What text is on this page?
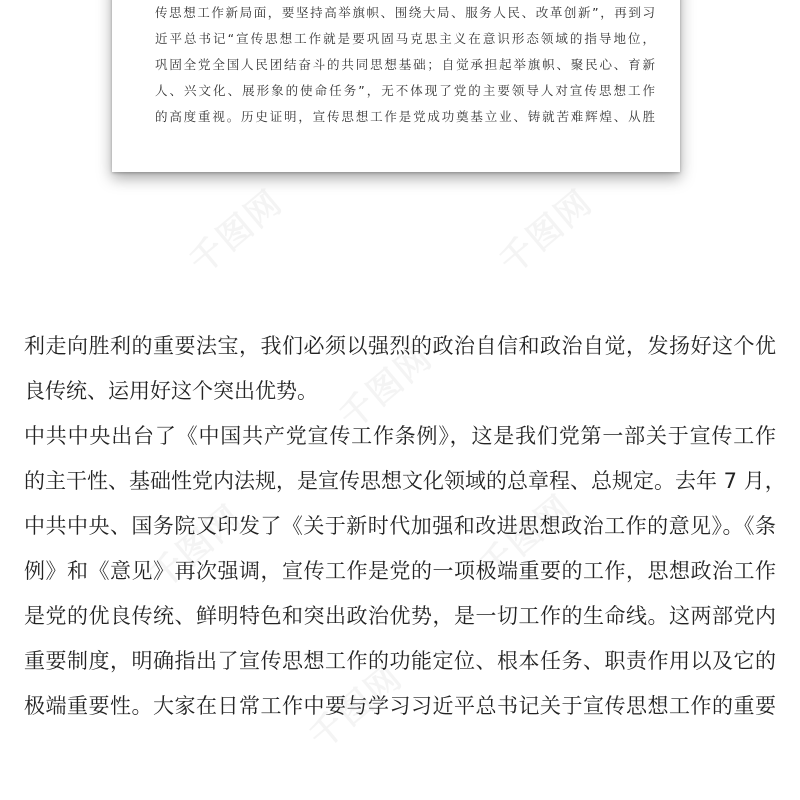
传思想工作新局面，要坚持高举旗帜、围绕大局、服务人民、改革创新”，再到习
近平总书记“宣传思想工作就是要巩固马克思主义在意识形态领域的指导地位，
巩固全党全国人民团结奋斗的共同思想基础；自觉承担起举旗帜、聚民心、育新
人、兴文化、展形象的使命任务”，无不体现了党的主要领导人对宣传思想工作
的高度重视。历史证明，宣传思想工作是党成功奠基立业、铸就苦难辉煌、从胜
利走向胜利的重要法宝，我们必须以强烈的政治自信和政治自觉，发扬好这个优
良传统、运用好这个突出优势。
中共中央出台了《中国共产党宣传工作条例》，这是我们党第一部关于宣传工作
的主干性、基础性党内法规，是宣传思想文化领域的总章程、总规定。去年 7 月，
中共中央、国务院又印发了《关于新时代加强和改进思想政治工作的意见》。《条
例》和《意见》再次强调，宣传工作是党的一项极端重要的工作，思想政治工作
是党的优良传统、鲜明特色和突出政治优势，是一切工作的生命线。这两部党内
重要制度，明确指出了宣传思想工作的功能定位、根本任务、职责作用以及它的
极端重要性。大家在日常工作中要与学习习近平总书记关于宣传思想工作的重要
